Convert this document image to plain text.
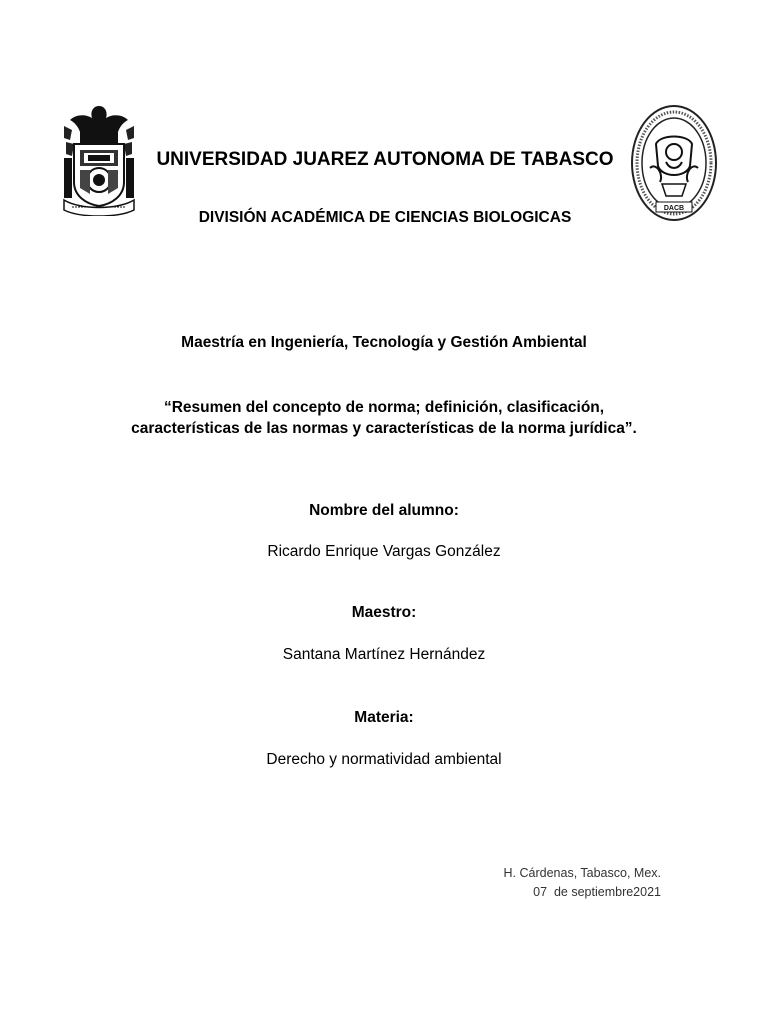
DACB
UNIVERSIDAD JUAREZ AUTONOMA DE TABASCO
DIVISIÓN ACADÉMICA DE CIENCIAS BIOLOGICAS
Maestría en Ingeniería, Tecnología y Gestión Ambiental
“Resumen del concepto de norma; definición, clasificación, características de las normas y características de la norma jurídica”.
Nombre del alumno:
Ricardo Enrique Vargas González
Maestro:
Santana Martínez Hernández
Materia:
Derecho y normatividad ambiental
H. Cárdenas, Tabasco, Mex.
07  de septiembre2021
